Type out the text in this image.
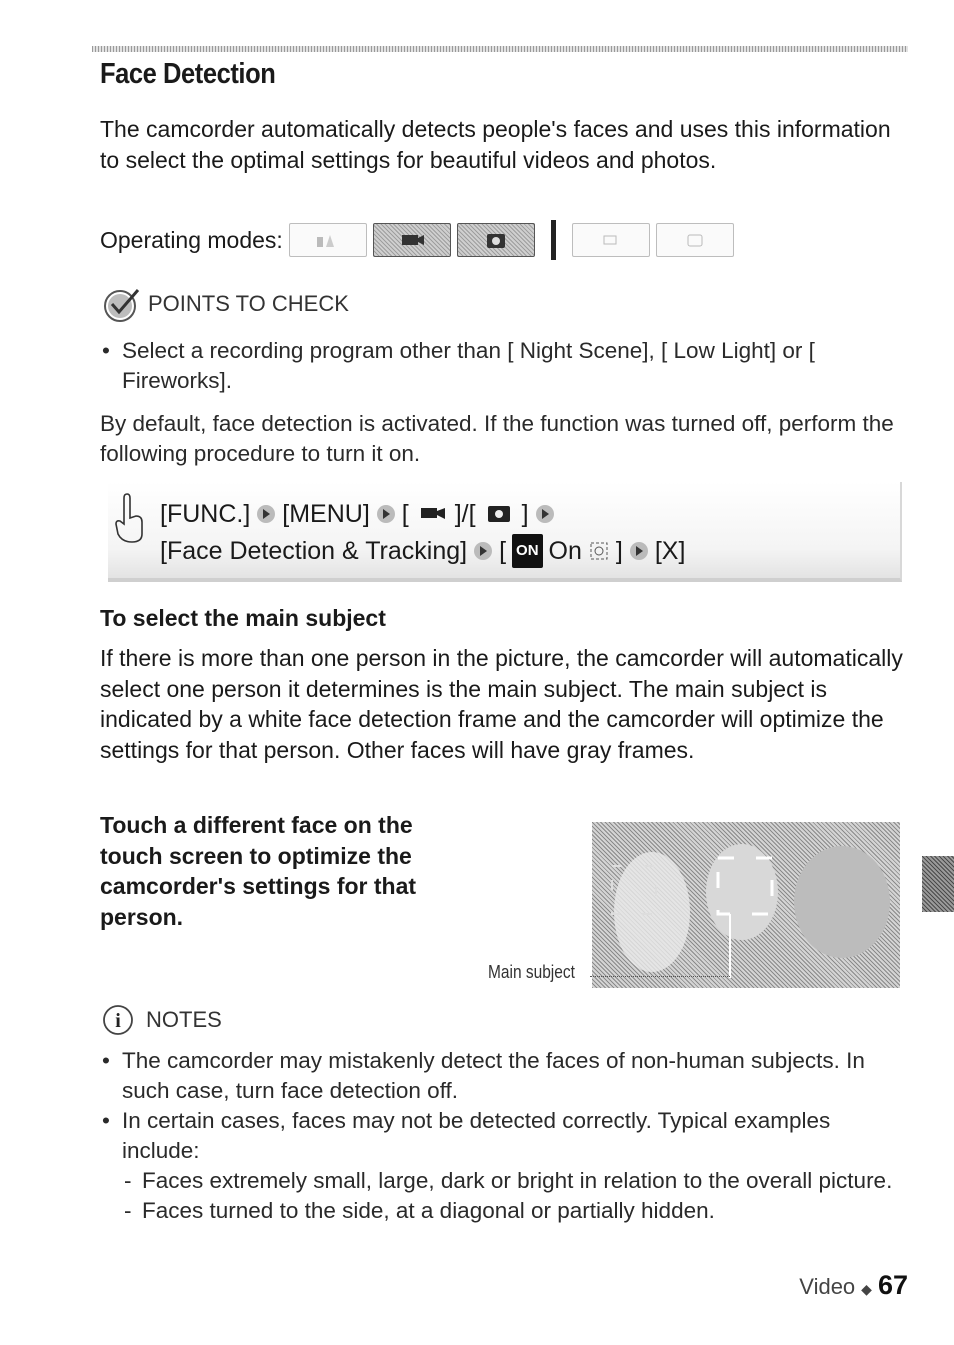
Face Detection

The camcorder automatically detects people's faces and uses this information to select the optimal settings for beautiful videos and photos.

Operating modes:
POINTS TO CHECK
• Select a recording program other than [ Night Scene], [ Low Light] or [ Fireworks].

By default, face detection is activated. If the function was turned off, perform the following procedure to turn it on.

[FUNC.] [MENU] [ ]/[ ]
[Face Detection & Tracking] [ ON On ] [X]
To select the main subject

If there is more than one person in the picture, the camcorder will automatically select one person it determines is the main subject. The main subject is indicated by a white face detection frame and the camcorder will optimize the settings for that person. Other faces will have gray frames.

Touch a different face on the touch screen to optimize the camcorder's settings for that person.

Main subject
i NOTES
• The camcorder may mistakenly detect the faces of non-human subjects. In such case, turn face detection off.
• In certain cases, faces may not be detected correctly. Typical examples include:
- Faces extremely small, large, dark or bright in relation to the overall picture.
- Faces turned to the side, at a diagonal or partially hidden.
Video ◆ 67
